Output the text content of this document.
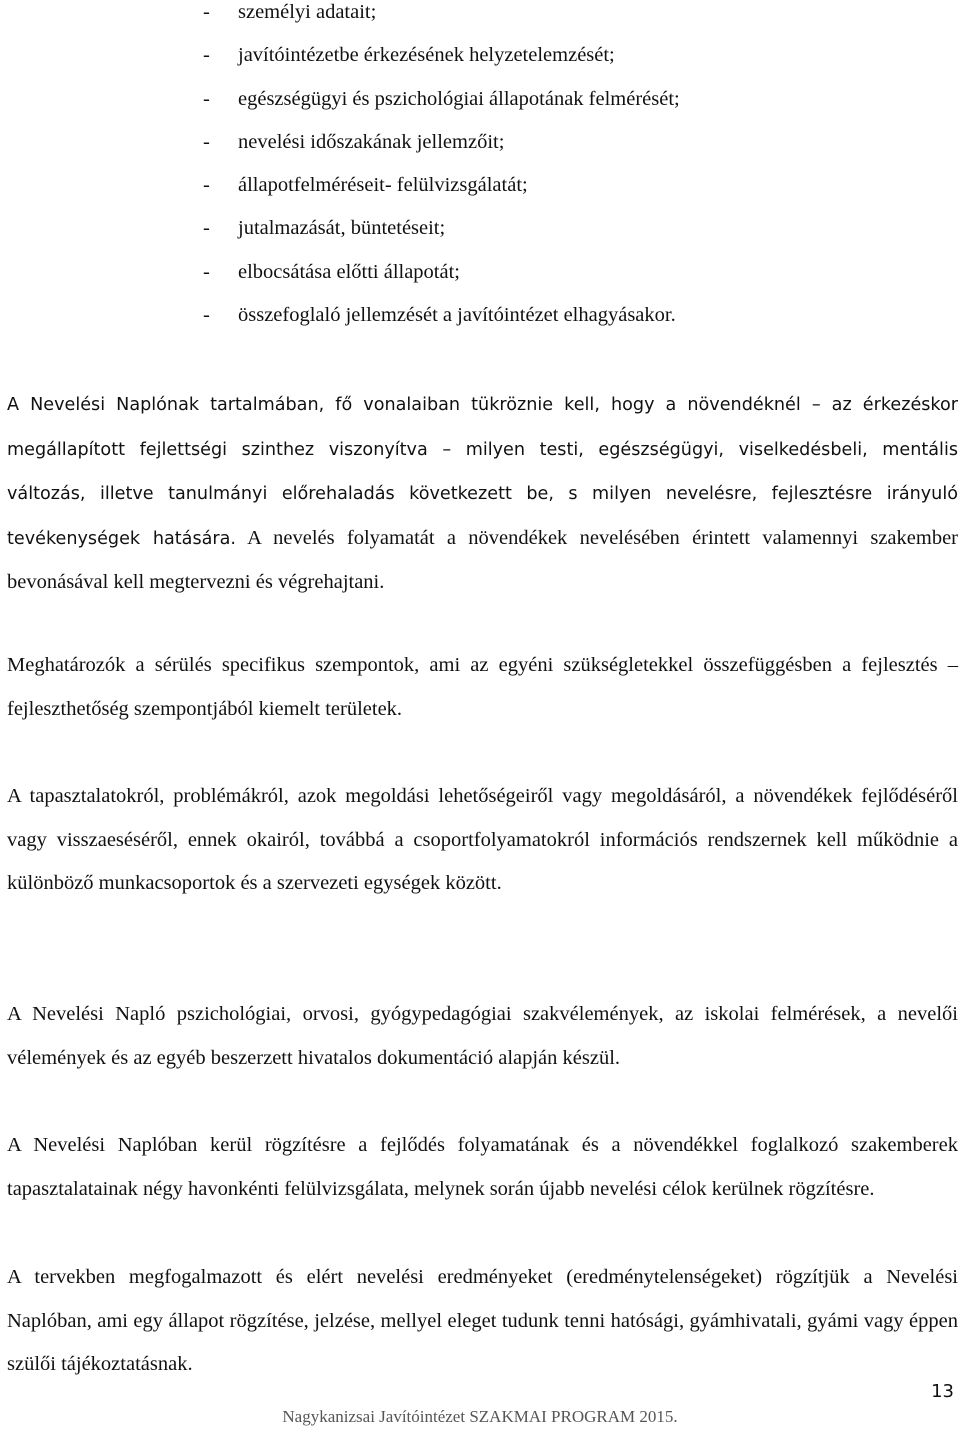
- személyi adatait;
- javítóintézetbe érkezésének helyzetelemzését;
- egészségügyi és pszichológiai állapotának felmérését;
- nevelési időszakának jellemzőit;
- állapotfelméréseit- felülvizsgálatát;
- jutalmazását, büntetéseit;
- elbocsátása előtti állapotát;
- összefoglaló jellemzését a javítóintézet elhagyásakor.

A Nevelési Naplónak tartalmában, fő vonalaiban tükröznie kell, hogy a növendéknél – az érkezéskor megállapított fejlettségi szinthez viszonyítva – milyen testi, egészségügyi, viselkedésbeli, mentális változás, illetve tanulmányi előrehaladás következett be, s milyen nevelésre, fejlesztésre irányuló tevékenységek hatására. A nevelés folyamatát a növendékek nevelésében érintett valamennyi szakember bevonásával kell megtervezni és végrehajtani.

Meghatározók a sérülés specifikus szempontok, ami az egyéni szükségletekkel összefüggésben a fejlesztés – fejleszthetőség szempontjából kiemelt területek.

A tapasztalatokról, problémákról, azok megoldási lehetőségeiről vagy megoldásáról, a növendékek fejlődéséről vagy visszaeséséről, ennek okairól, továbbá a csoportfolyamatokról információs rendszernek kell működnie a különböző munkacsoportok és a szervezeti egységek között.

A Nevelési Napló pszichológiai, orvosi, gyógypedagógiai szakvélemények, az iskolai felmérések, a nevelői vélemények és az egyéb beszerzett hivatalos dokumentáció alapján készül.

A Nevelési Naplóban kerül rögzítésre a fejlődés folyamatának és a növendékkel foglalkozó szakemberek tapasztalatainak négy havonkénti felülvizsgálata, melynek során újabb nevelési célok kerülnek rögzítésre.

A tervekben megfogalmazott és elért nevelési eredményeket (eredménytelenségeket) rögzítjük a Nevelési Naplóban, ami egy állapot rögzítése, jelzése, mellyel eleget tudunk tenni hatósági, gyámhivatali, gyámi vagy éppen szülői tájékoztatásnak.

13
Nagykanizsai Javítóintézet SZAKMAI PROGRAM 2015.
